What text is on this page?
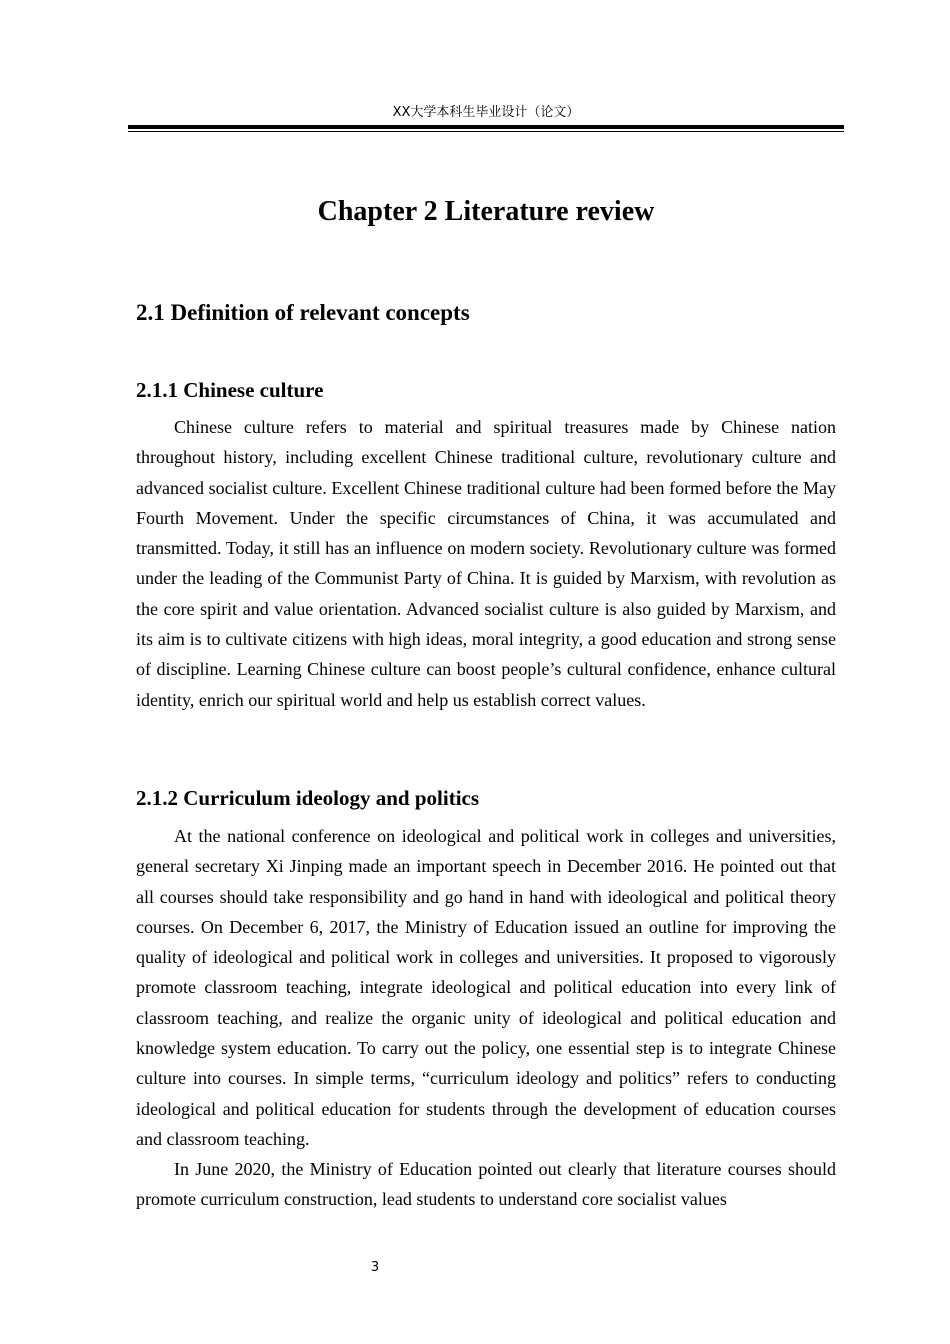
XX大学本科生毕业设计（论文）
Chapter 2 Literature review
2.1 Definition of relevant concepts
2.1.1 Chinese culture

Chinese culture refers to material and spiritual treasures made by Chinese nation throughout history, including excellent Chinese traditional culture, revolutionary culture and advanced socialist culture. Excellent Chinese traditional culture had been formed before the May Fourth Movement. Under the specific circumstances of China, it was accumulated and transmitted. Today, it still has an influence on modern society. Revolutionary culture was formed under the leading of the Communist Party of China. It is guided by Marxism, with revolution as the core spirit and value orientation. Advanced socialist culture is also guided by Marxism, and its aim is to cultivate citizens with high ideas, moral integrity, a good education and strong sense of discipline. Learning Chinese culture can boost people’s cultural confidence, enhance cultural identity, enrich our spiritual world and help us establish correct values.

2.1.2 Curriculum ideology and politics

At the national conference on ideological and political work in colleges and universities, general secretary Xi Jinping made an important speech in December 2016. He pointed out that all courses should take responsibility and go hand in hand with ideological and political theory courses. On December 6, 2017, the Ministry of Education issued an outline for improving the quality of ideological and political work in colleges and universities. It proposed to vigorously promote classroom teaching, integrate ideological and political education into every link of classroom teaching, and realize the organic unity of ideological and political education and knowledge system education. To carry out the policy, one essential step is to integrate Chinese culture into courses. In simple terms, “curriculum ideology and politics” refers to conducting ideological and political education for students through the development of education courses and classroom teaching.

In June 2020, the Ministry of Education pointed out clearly that literature courses should promote curriculum construction, lead students to understand core socialist values

3
